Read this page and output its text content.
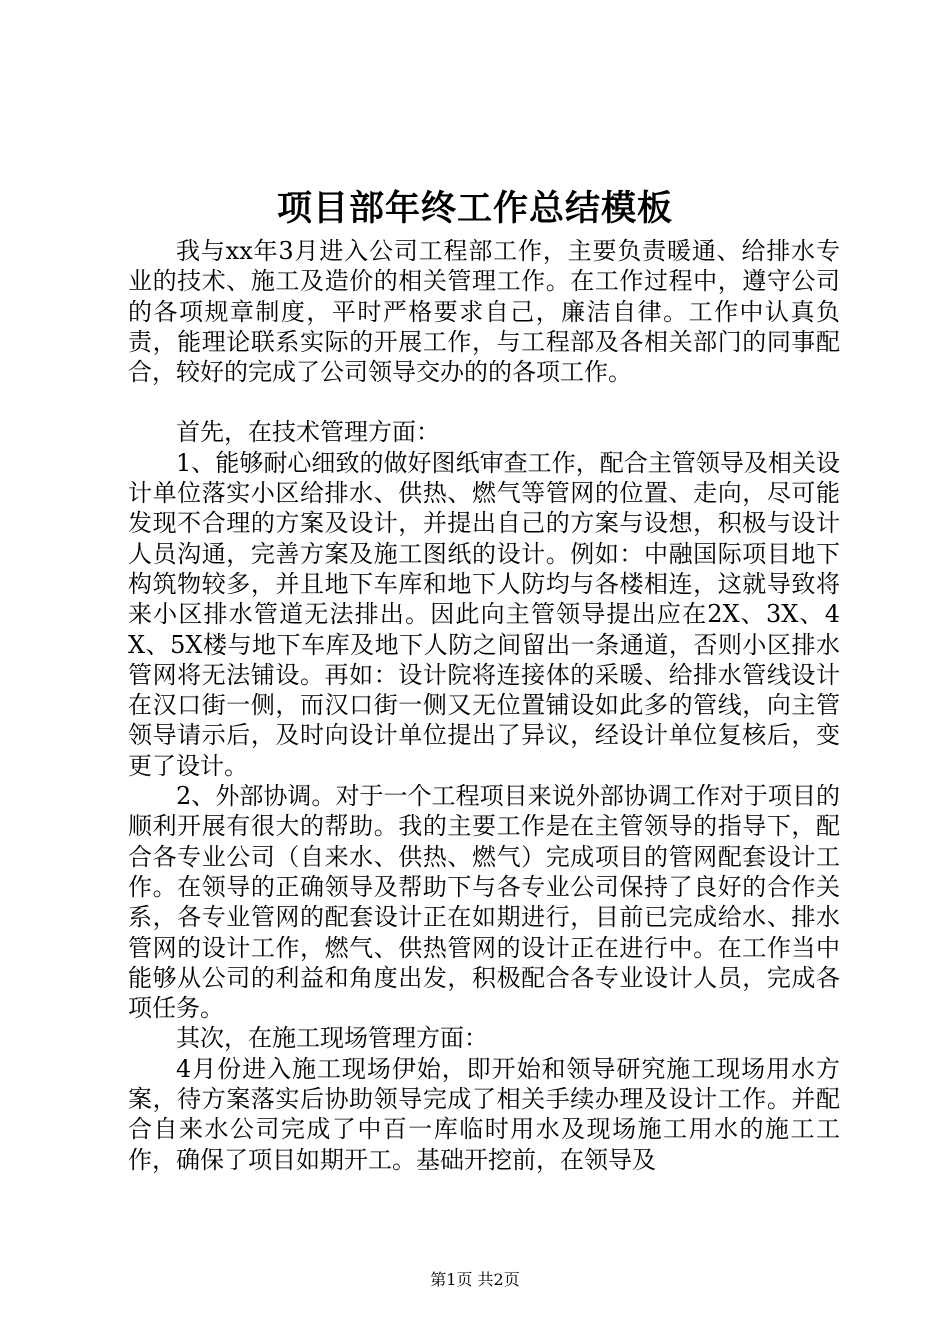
项目部年终工作总结模板

我与xx年3月进入公司工程部工作，主要负责暖通、给排水专业的技术、施工及造价的相关管理工作。在工作过程中，遵守公司的各项规章制度，平时严格要求自己，廉洁自律。工作中认真负责，能理论联系实际的开展工作，与工程部及各相关部门的同事配合，较好的完成了公司领导交办的的各项工作。

首先，在技术管理方面：

1、能够耐心细致的做好图纸审查工作，配合主管领导及相关设计单位落实小区给排水、供热、燃气等管网的位置、走向，尽可能发现不合理的方案及设计，并提出自己的方案与设想，积极与设计人员沟通，完善方案及施工图纸的设计。例如：中融国际项目地下构筑物较多，并且地下车库和地下人防均与各楼相连，这就导致将来小区排水管道无法排出。因此向主管领导提出应在2X、3X、4X、5X楼与地下车库及地下人防之间留出一条通道，否则小区排水管网将无法铺设。再如：设计院将连接体的采暖、给排水管线设计在汉口街一侧，而汉口街一侧又无位置铺设如此多的管线，向主管领导请示后，及时向设计单位提出了异议，经设计单位复核后，变更了设计。

2、外部协调。对于一个工程项目来说外部协调工作对于项目的顺利开展有很大的帮助。我的主要工作是在主管领导的指导下，配合各专业公司（自来水、供热、燃气）完成项目的管网配套设计工作。在领导的正确领导及帮助下与各专业公司保持了良好的合作关系，各专业管网的配套设计正在如期进行，目前已完成给水、排水管网的设计工作，燃气、供热管网的设计正在进行中。在工作当中能够从公司的利益和角度出发，积极配合各专业设计人员，完成各项任务。

其次，在施工现场管理方面：

4月份进入施工现场伊始，即开始和领导研究施工现场用水方案，待方案落实后协助领导完成了相关手续办理及设计工作。并配合自来水公司完成了中百一库临时用水及现场施工用水的施工工作，确保了项目如期开工。基础开挖前，在领导及

第1页 共2页
